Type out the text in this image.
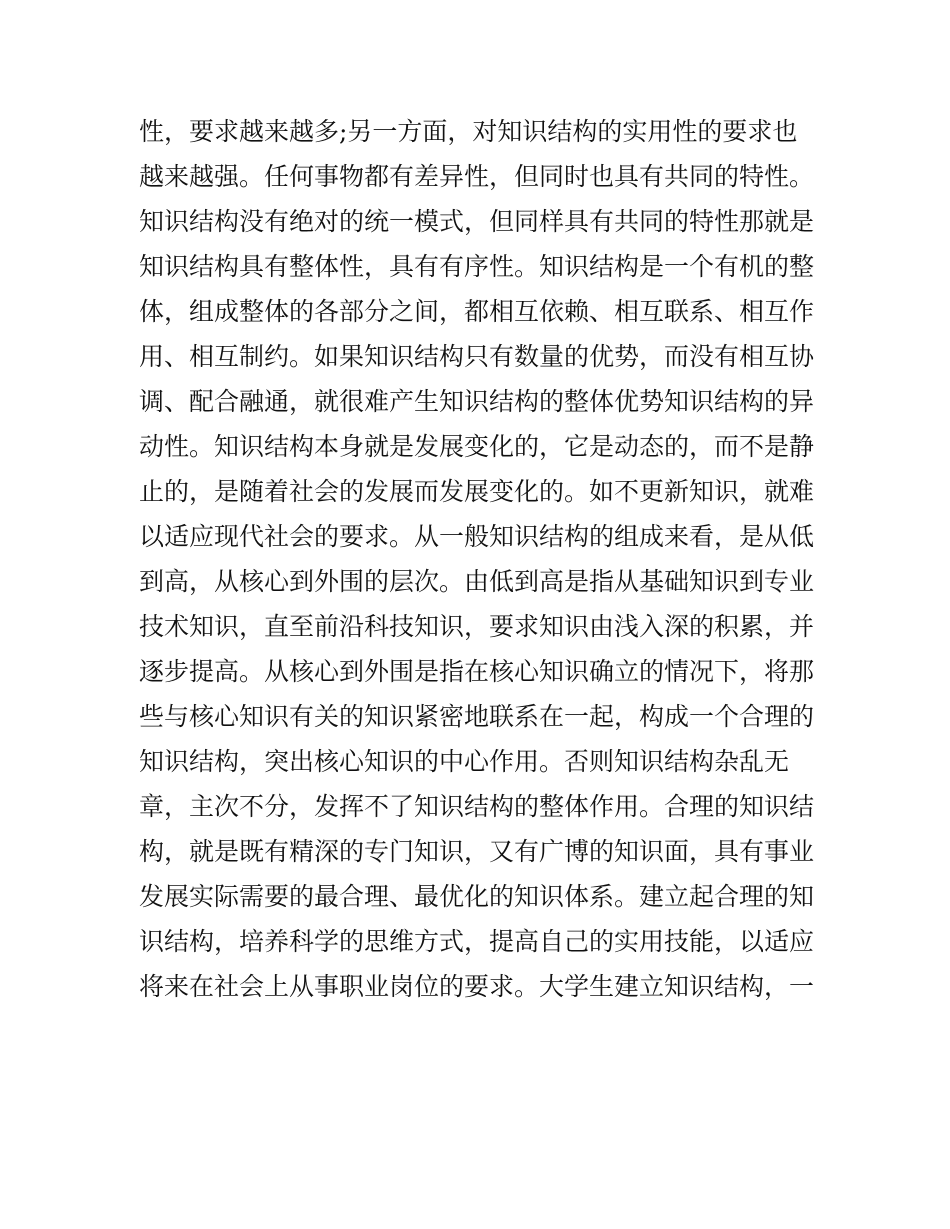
性，要求越来越多;另一方面，对知识结构的实用性的要求也
越来越强。任何事物都有差异性，但同时也具有共同的特性。
知识结构没有绝对的统一模式，但同样具有共同的特性那就是
知识结构具有整体性，具有有序性。知识结构是一个有机的整
体，组成整体的各部分之间，都相互依赖、相互联系、相互作
用、相互制约。如果知识结构只有数量的优势，而没有相互协
调、配合融通，就很难产生知识结构的整体优势知识结构的异
动性。知识结构本身就是发展变化的，它是动态的，而不是静
止的，是随着社会的发展而发展变化的。如不更新知识，就难
以适应现代社会的要求。从一般知识结构的组成来看，是从低
到高，从核心到外围的层次。由低到高是指从基础知识到专业
技术知识，直至前沿科技知识，要求知识由浅入深的积累，并
逐步提高。从核心到外围是指在核心知识确立的情况下，将那
些与核心知识有关的知识紧密地联系在一起，构成一个合理的
知识结构，突出核心知识的中心作用。否则知识结构杂乱无
章，主次不分，发挥不了知识结构的整体作用。合理的知识结
构，就是既有精深的专门知识，又有广博的知识面，具有事业
发展实际需要的最合理、最优化的知识体系。建立起合理的知
识结构，培养科学的思维方式，提高自己的实用技能，以适应
将来在社会上从事职业岗位的要求。大学生建立知识结构，一
